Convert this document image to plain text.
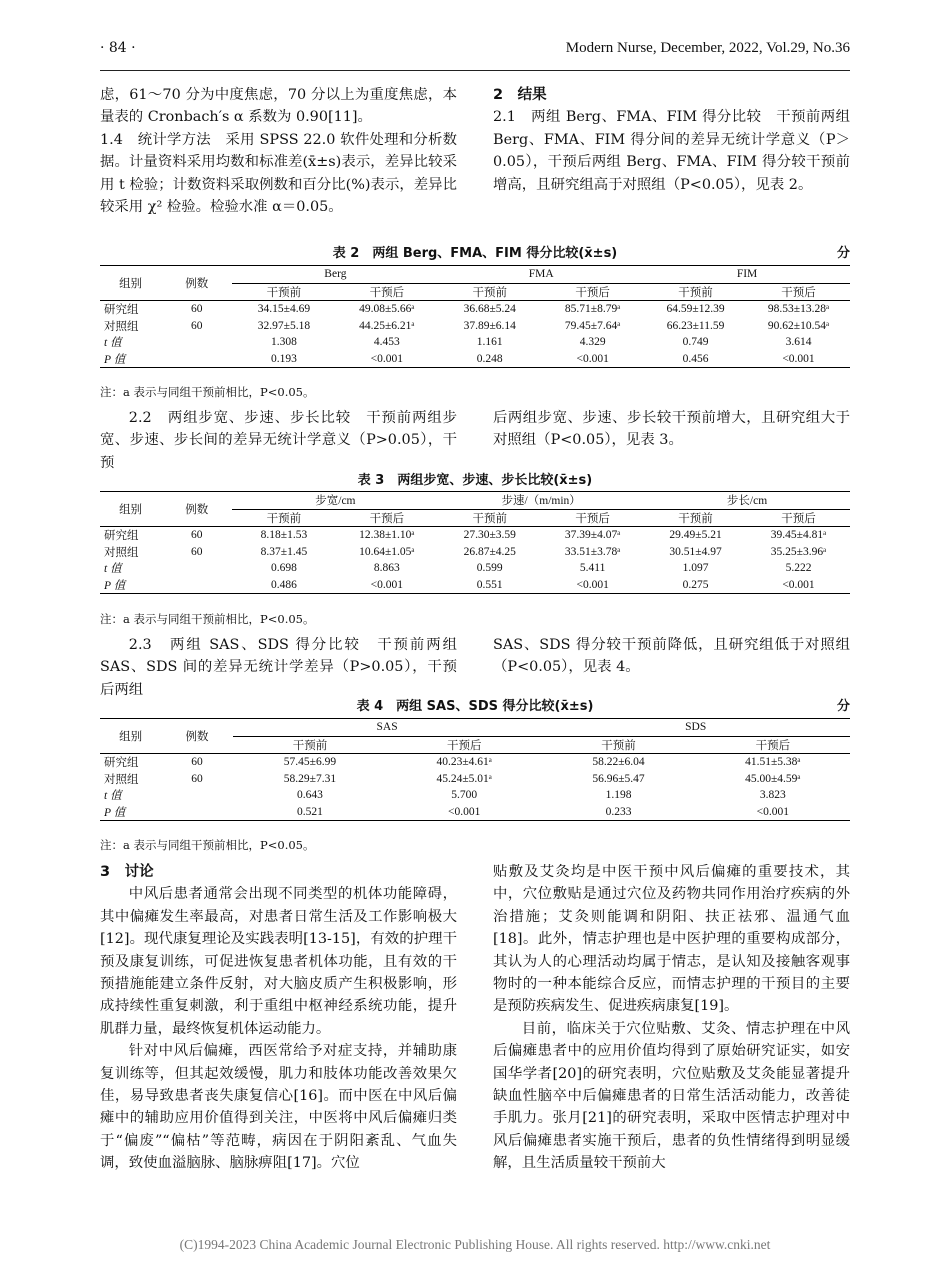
· 84 ·	Modern Nurse, December, 2022, Vol.29, No.36

虑，61～70 分为中度焦虑，70 分以上为重度焦虑，本量表的 Cronbach′s α 系数为 0.90[11]。

1.4　统计学方法　采用 SPSS 22.0 软件处理和分析数据。计量资料采用均数和标准差(x̄±s)表示，差异比较采用 t 检验；计数资料采取例数和百分比(%)表示，差异比较采用 χ² 检验。检验水准 α＝0.05。

2　结果

2.1　两组 Berg、FMA、FIM 得分比较　干预前两组 Berg、FMA、FIM 得分间的差异无统计学意义（P＞0.05），干预后两组 Berg、FMA、FIM 得分较干预前增高，且研究组高于对照组（P<0.05），见表 2。

表 2　两组 Berg、FMA、FIM 得分比较(x̄±s)	分
组别	例数	Berg		FMA		FIM	
		干预前	干预后	干预前	干预后	干预前	干预后
研究组	60	34.15±4.69	49.08±5.66ᵃ	36.68±5.24	85.71±8.79ᵃ	64.59±12.39	98.53±13.28ᵃ
对照组	60	32.97±5.18	44.25±6.21ᵃ	37.89±6.14	79.45±7.64ᵃ	66.23±11.59	90.62±10.54ᵃ
t 值		1.308	4.453	1.161	4.329	0.749	3.614
P 值		0.193	<0.001	0.248	<0.001	0.456	<0.001
注：a 表示与同组干预前相比，P<0.05。

2.2　两组步宽、步速、步长比较　干预前两组步宽、步速、步长间的差异无统计学意义（P>0.05），干预

后两组步宽、步速、步长较干预前增大，且研究组大于对照组（P<0.05），见表 3。

表 3　两组步宽、步速、步长比较(x̄±s)
组别	例数	步宽/cm		步速/（m/min）		步长/cm	
		干预前	干预后	干预前	干预后	干预前	干预后
研究组	60	8.18±1.53	12.38±1.10ᵃ	27.30±3.59	37.39±4.07ᵃ	29.49±5.21	39.45±4.81ᵃ
对照组	60	8.37±1.45	10.64±1.05ᵃ	26.87±4.25	33.51±3.78ᵃ	30.51±4.97	35.25±3.96ᵃ
t 值		0.698	8.863	0.599	5.411	1.097	5.222
P 值		0.486	<0.001	0.551	<0.001	0.275	<0.001
注：a 表示与同组干预前相比，P<0.05。

2.3　两组 SAS、SDS 得分比较　干预前两组 SAS、SDS 间的差异无统计学差异（P>0.05），干预后两组

SAS、SDS 得分较干预前降低，且研究组低于对照组（P<0.05），见表 4。

表 4　两组 SAS、SDS 得分比较(x̄±s)	分
组别	例数	SAS		SDS	
		干预前	干预后	干预前	干预后
研究组	60	57.45±6.99	40.23±4.61ᵃ	58.22±6.04	41.51±5.38ᵃ
对照组	60	58.29±7.31	45.24±5.01ᵃ	56.96±5.47	45.00±4.59ᵃ
t 值		0.643	5.700	1.198	3.823
P 值		0.521	<0.001	0.233	<0.001
注：a 表示与同组干预前相比，P<0.05。

3　讨论

中风后患者通常会出现不同类型的机体功能障碍，其中偏瘫发生率最高，对患者日常生活及工作影响极大[12]。现代康复理论及实践表明[13-15]，有效的护理干预及康复训练，可促进恢复患者机体功能，且有效的干预措施能建立条件反射，对大脑皮质产生积极影响，形成持续性重复刺激，利于重组中枢神经系统功能，提升肌群力量，最终恢复机体运动能力。

针对中风后偏瘫，西医常给予对症支持，并辅助康复训练等，但其起效缓慢，肌力和肢体功能改善效果欠佳，易导致患者丧失康复信心[16]。而中医在中风后偏瘫中的辅助应用价值得到关注，中医将中风后偏瘫归类于“偏废”“偏枯”等范畴，病因在于阴阳紊乱、气血失调，致使血溢脑脉、脑脉痹阻[17]。穴位

贴敷及艾灸均是中医干预中风后偏瘫的重要技术，其中，穴位敷贴是通过穴位及药物共同作用治疗疾病的外治措施；艾灸则能调和阴阳、扶正祛邪、温通气血[18]。此外，情志护理也是中医护理的重要构成部分，其认为人的心理活动均属于情志，是认知及接触客观事物时的一种本能综合反应，而情志护理的干预目的主要是预防疾病发生、促进疾病康复[19]。

目前，临床关于穴位贴敷、艾灸、情志护理在中风后偏瘫患者中的应用价值均得到了原始研究证实，如安国华学者[20]的研究表明，穴位贴敷及艾灸能显著提升缺血性脑卒中后偏瘫患者的日常生活活动能力，改善徒手肌力。张月[21]的研究表明，采取中医情志护理对中风后偏瘫患者实施干预后，患者的负性情绪得到明显缓解，且生活质量较干预前大

(C)1994-2023 China Academic Journal Electronic Publishing House. All rights reserved. http://www.cnki.net
